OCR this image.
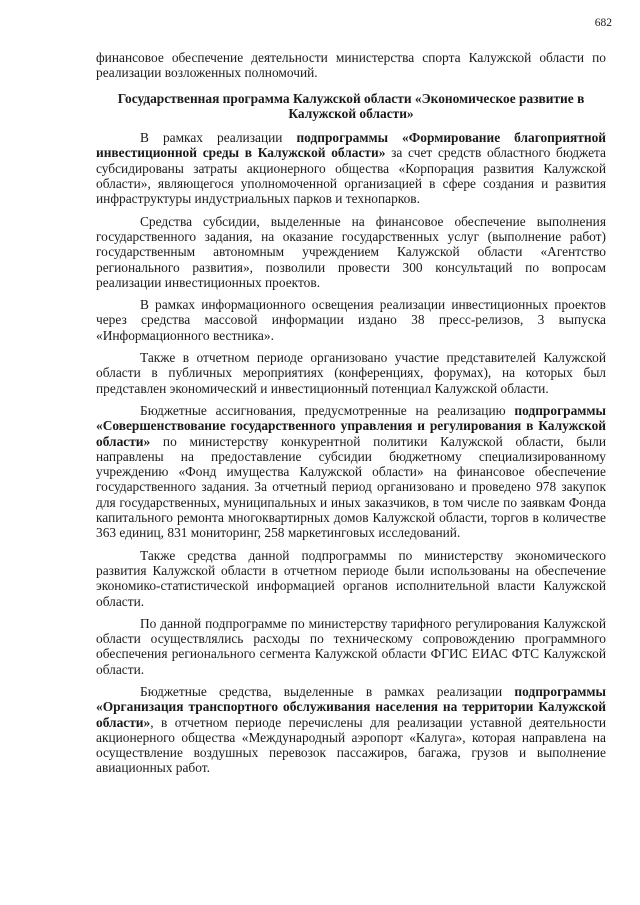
682

финансовое обеспечение деятельности министерства спорта Калужской области по реализации возложенных полномочий.

Государственная программа Калужской области «Экономическое развитие в Калужской области»

В рамках реализации подпрограммы «Формирование благоприятной инвестиционной среды в Калужской области» за счет средств областного бюджета субсидированы затраты акционерного общества «Корпорация развития Калужской области», являющегося уполномоченной организацией в сфере создания и развития инфраструктуры индустриальных парков и технопарков.

Средства субсидии, выделенные на финансовое обеспечение выполнения государственного задания, на оказание государственных услуг (выполнение работ) государственным автономным учреждением Калужской области «Агентство регионального развития», позволили провести 300 консультаций по вопросам реализации инвестиционных проектов.

В рамках информационного освещения реализации инвестиционных проектов через средства массовой информации издано 38 пресс-релизов, 3 выпуска «Информационного вестника».

Также в отчетном периоде организовано участие представителей Калужской области в публичных мероприятиях (конференциях, форумах), на которых был представлен экономический и инвестиционный потенциал Калужской области.

Бюджетные ассигнования, предусмотренные на реализацию подпрограммы «Совершенствование государственного управления и регулирования в Калужской области» по министерству конкурентной политики Калужской области, были направлены на предоставление субсидии бюджетному специализированному учреждению «Фонд имущества Калужской области» на финансовое обеспечение государственного задания. За отчетный период организовано и проведено 978 закупок для государственных, муниципальных и иных заказчиков, в том числе по заявкам Фонда капитального ремонта многоквартирных домов Калужской области, торгов в количестве 363 единиц, 831 мониторинг, 258 маркетинговых исследований.

Также средства данной подпрограммы по министерству экономического развития Калужской области в отчетном периоде были использованы на обеспечение экономико-статистической информацией органов исполнительной власти Калужской области.

По данной подпрограмме по министерству тарифного регулирования Калужской области осуществлялись расходы по техническому сопровождению программного обеспечения регионального сегмента Калужской области ФГИС ЕИАС ФТС Калужской области.

Бюджетные средства, выделенные в рамках реализации подпрограммы «Организация транспортного обслуживания населения на территории Калужской области», в отчетном периоде перечислены для реализации уставной деятельности акционерного общества «Международный аэропорт «Калуга», которая направлена на осуществление воздушных перевозок пассажиров, багажа, грузов и выполнение авиационных работ.
